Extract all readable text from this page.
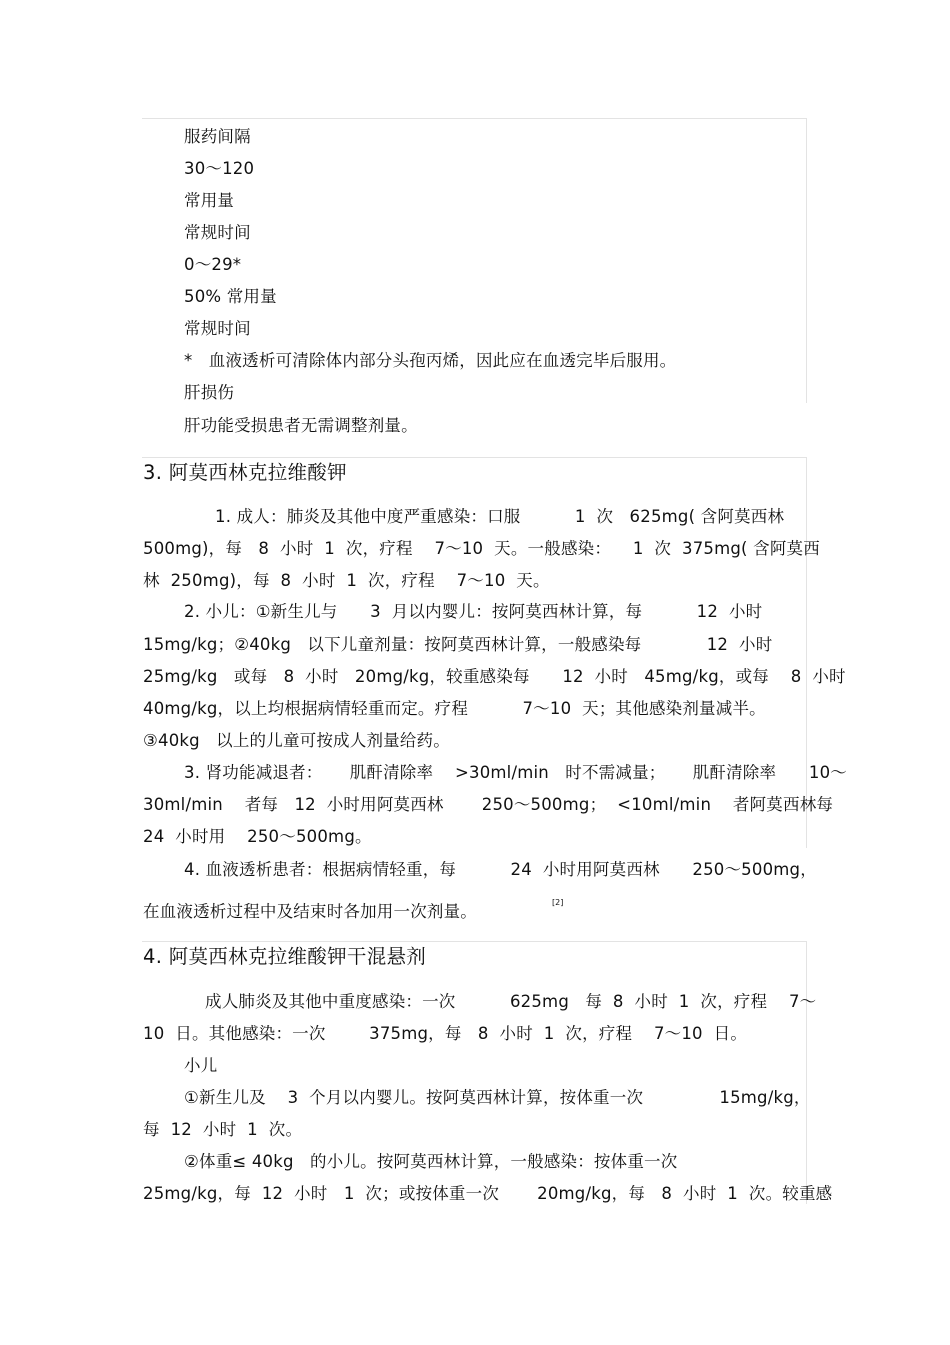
服药间隔
30～120
常用量
常规时间
0～29*
50% 常用量
常规时间
*   血液透析可清除体内部分头孢丙烯，因此应在血透完毕后服用。
肝损伤
肝功能受损患者无需调整剂量。
3. 阿莫西林克拉维酸钾
1. 成人：肺炎及其他中度严重感染：口服          1  次   625mg( 含阿莫西林
500mg)，每   8  小时  1  次，疗程    7～10  天。一般感染：    1  次  375mg( 含阿莫西
林  250mg)，每  8  小时  1  次，疗程    7～10  天。
2. 小儿：①新生儿与      3  月以内婴儿：按阿莫西林计算，每          12  小时
15mg/kg；②40kg   以下儿童剂量：按阿莫西林计算，一般感染每            12  小时
25mg/kg   或每   8  小时   20mg/kg，较重感染每      12  小时   45mg/kg，或每    8  小时
40mg/kg，以上均根据病情轻重而定。疗程          7～10  天；其他感染剂量减半。
③40kg   以上的儿童可按成人剂量给药。
3. 肾功能减退者：     肌酐清除率    >30ml/min   时不需减量；     肌酐清除率      10～
30ml/min    者每   12  小时用阿莫西林       250～500mg；  <10ml/min    者阿莫西林每
24  小时用    250～500mg。
4. 血液透析患者：根据病情轻重，每          24  小时用阿莫西林      250～500mg，
在血液透析过程中及结束时各加用一次剂量。	[2]
4. 阿莫西林克拉维酸钾干混悬剂
成人肺炎及其他中重度感染：一次          625mg   每  8  小时  1  次，疗程    7～
10  日。其他感染：一次        375mg，每   8  小时  1  次，疗程    7～10  日。
小儿
①新生儿及    3  个月以内婴儿。按阿莫西林计算，按体重一次              15mg/kg，
每  12  小时  1  次。
②体重≤ 40kg   的小儿。按阿莫西林计算，一般感染：按体重一次
25mg/kg，每  12  小时   1  次；或按体重一次       20mg/kg，每   8  小时  1  次。较重感
